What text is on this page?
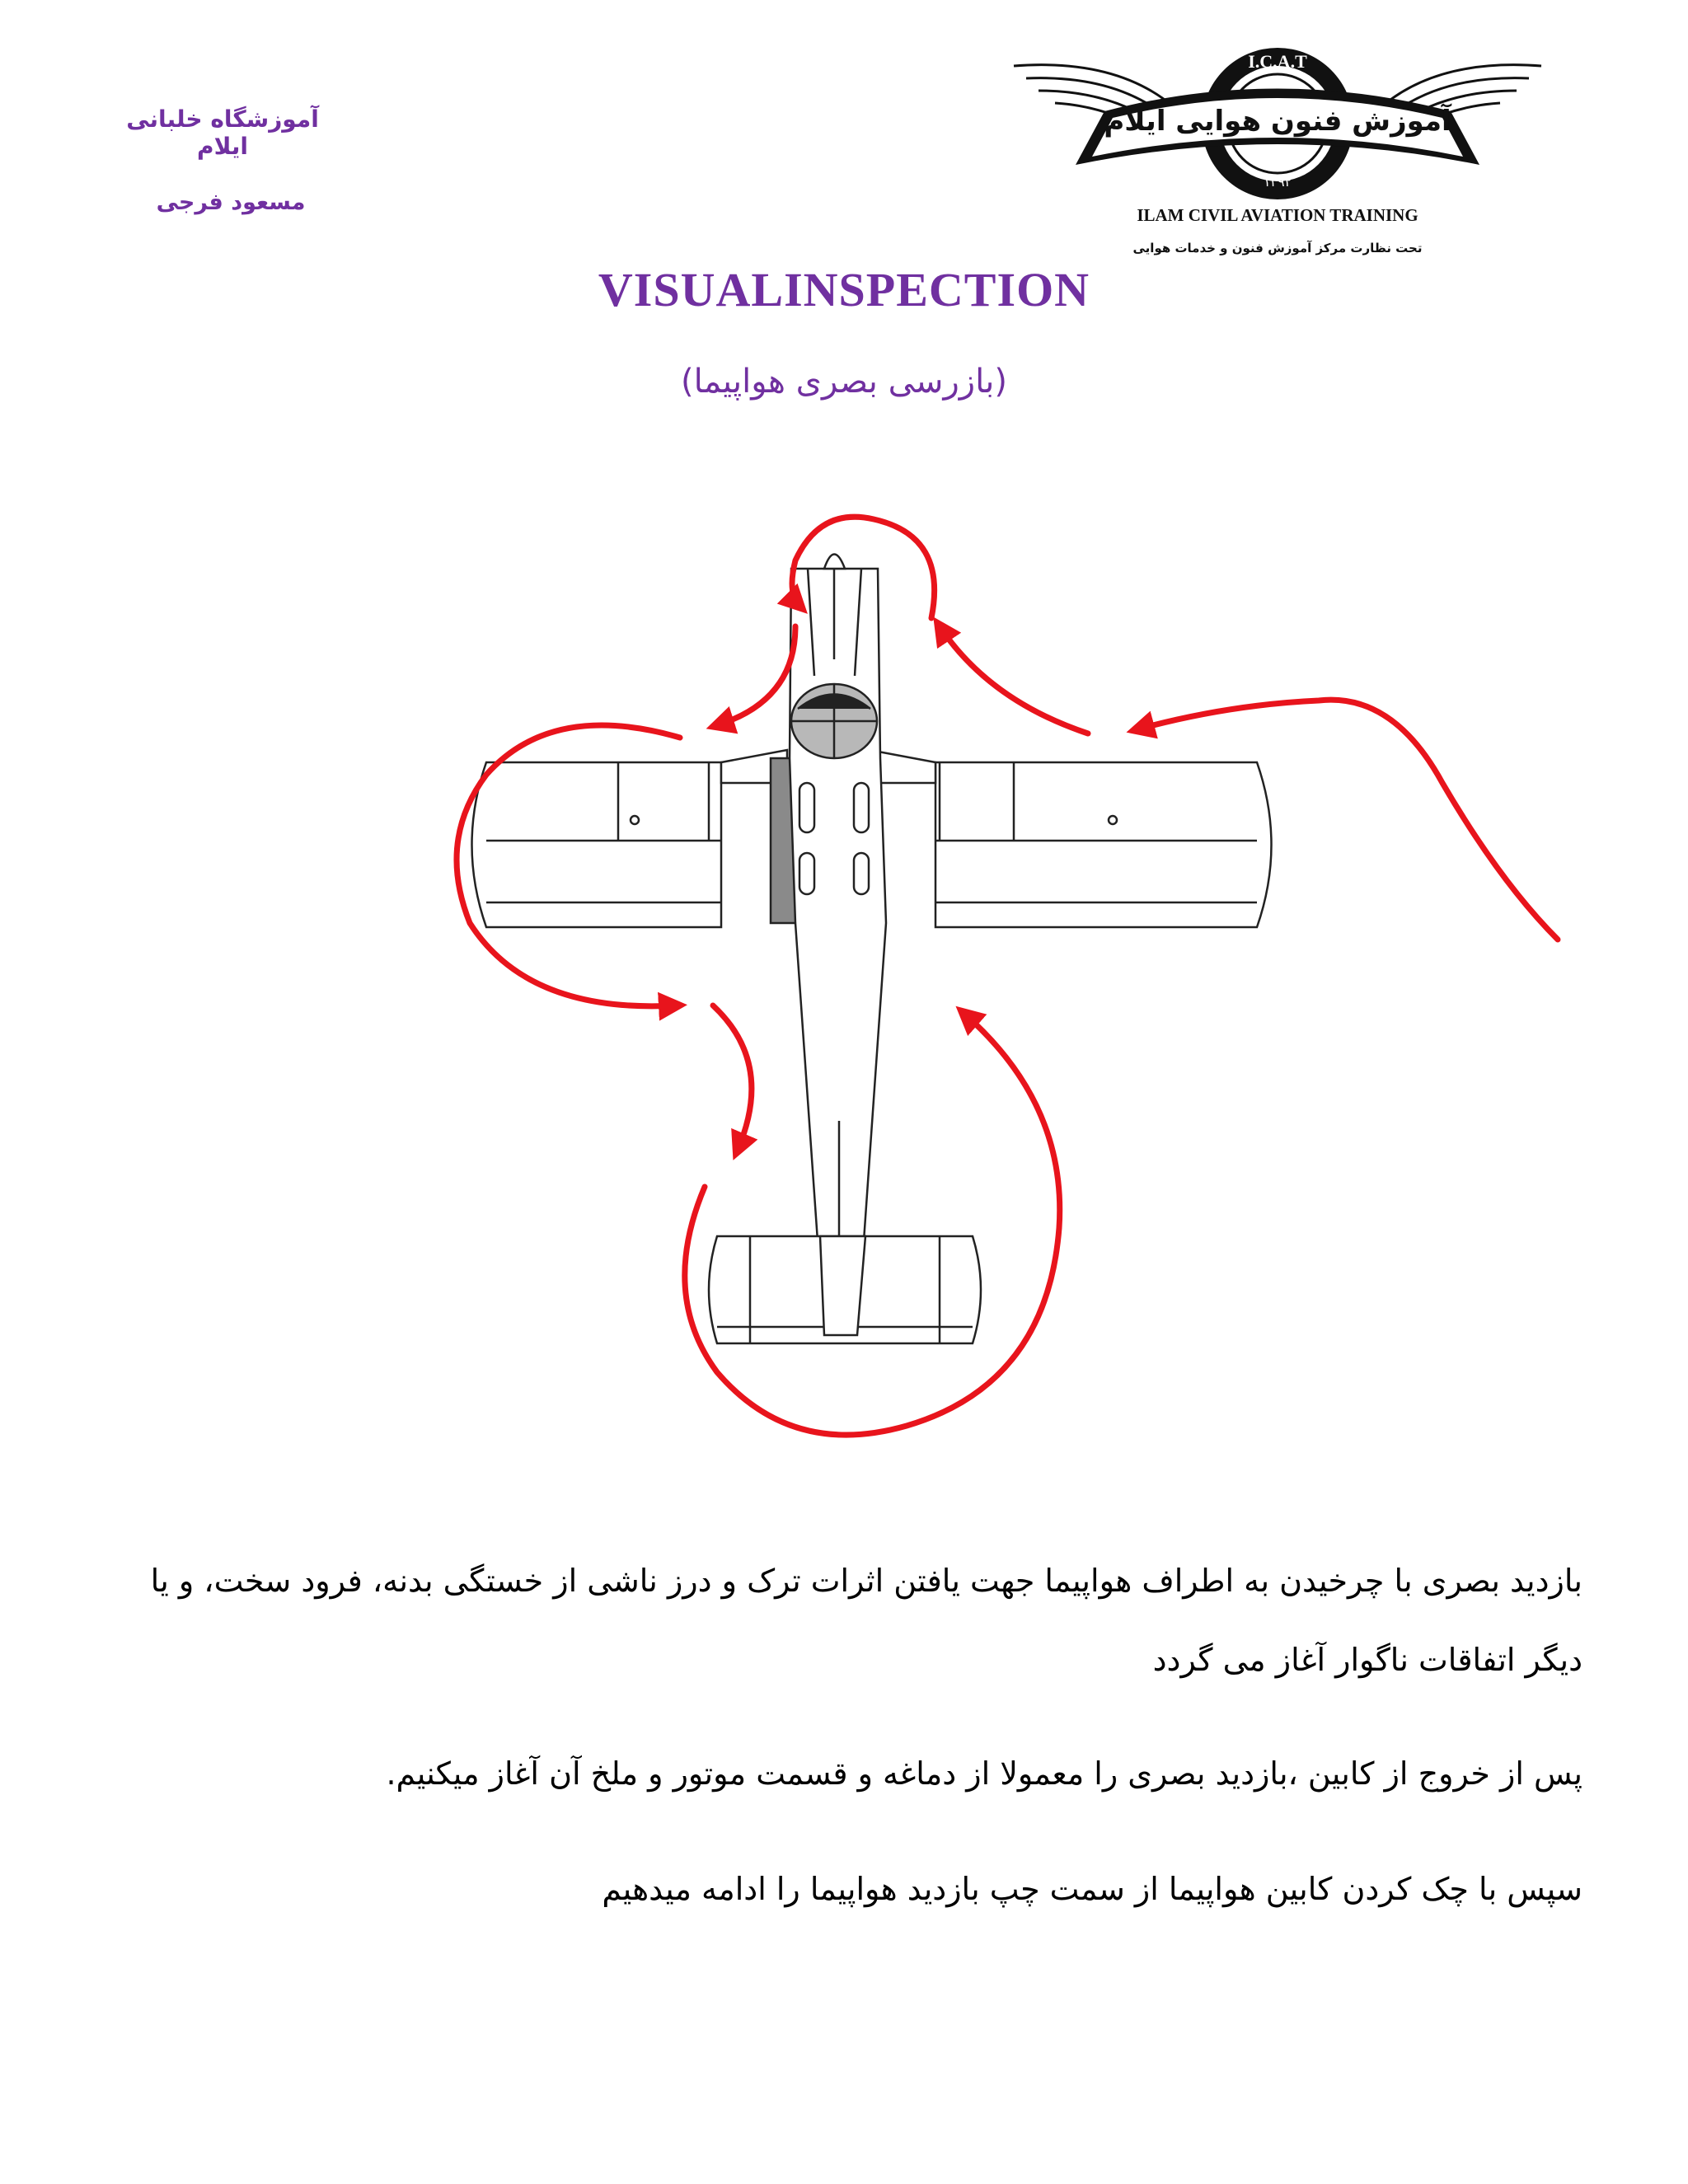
آموزشگاه خلبانی ایلام
مسعود فرجی
I.C.A.T
۱۳۹۲
آموزش فنون هوایی ایلام
ILAM CIVIL AVIATION TRAINING
تحت نظارت مرکز آموزش فنون و خدمات هوایی
VISUALINSPECTION
(بازرسی بصری هواپیما)

بازدید بصری با چرخیدن به اطراف هواپیما جهت یافتن اثرات ترک و درز ناشی از خستگی بدنه، فرود سخت، و یا دیگر اتفاقات ناگوار آغاز می گردد

پس از خروج از کابین ،بازدید بصری را معمولا از دماغه و قسمت موتور و ملخ آن آغاز میکنیم.

سپس با چک کردن کابین هواپیما از سمت چپ بازدید هواپیما را ادامه میدهیم
